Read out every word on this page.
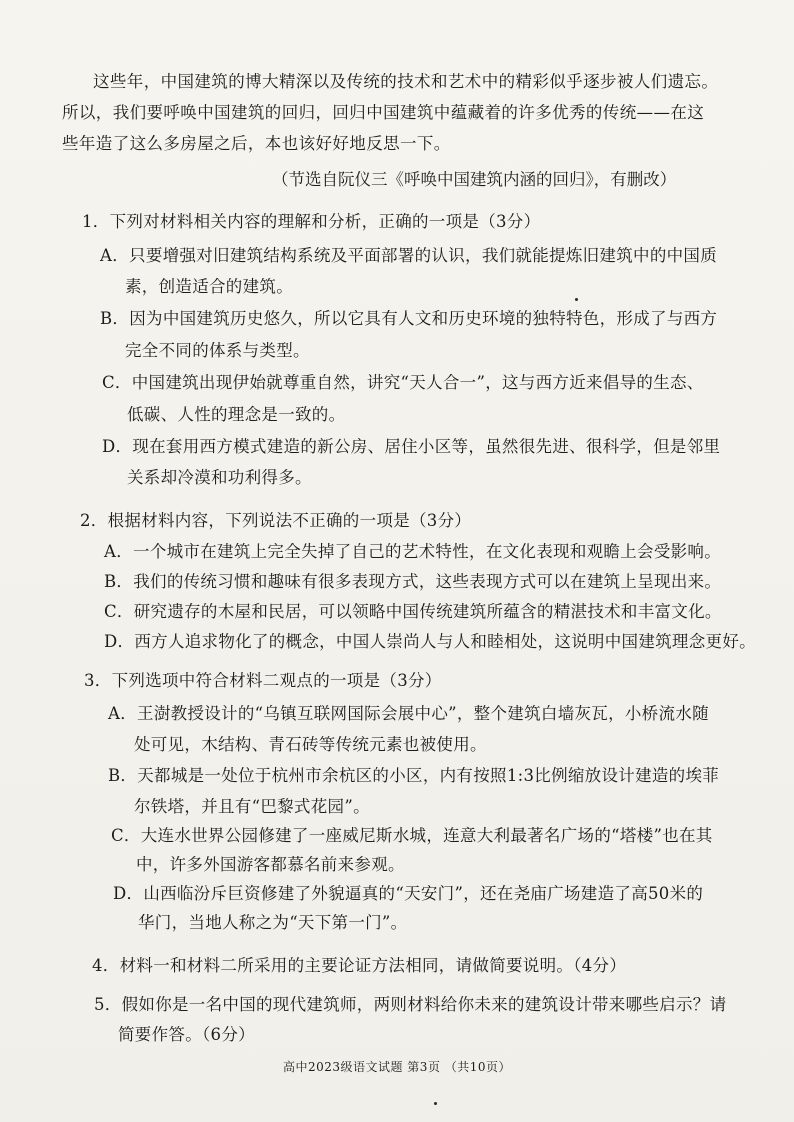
这些年，中国建筑的博大精深以及传统的技术和艺术中的精彩似乎逐步被人们遗忘。
所以，我们要呼唤中国建筑的回归，回归中国建筑中蕴藏着的许多优秀的传统——在这
些年造了这么多房屋之后，本也该好好地反思一下。
（节选自阮仪三《呼唤中国建筑内涵的回归》，有删改）
1．下列对材料相关内容的理解和分析，正确的一项是（3分）
A．只要增强对旧建筑结构系统及平面部署的认识，我们就能提炼旧建筑中的中国质
素，创造适合的建筑。
B．因为中国建筑历史悠久，所以它具有人文和历史环境的独特特色，形成了与西方
完全不同的体系与类型。
C．中国建筑出现伊始就尊重自然，讲究“天人合一”，这与西方近来倡导的生态、
低碳、人性的理念是一致的。
D．现在套用西方模式建造的新公房、居住小区等，虽然很先进、很科学，但是邻里
关系却冷漠和功利得多。
2．根据材料内容，下列说法不正确的一项是（3分）
A．一个城市在建筑上完全失掉了自己的艺术特性，在文化表现和观瞻上会受影响。
B．我们的传统习惯和趣味有很多表现方式，这些表现方式可以在建筑上呈现出来。
C．研究遗存的木屋和民居，可以领略中国传统建筑所蕴含的精湛技术和丰富文化。
D．西方人追求物化了的概念，中国人崇尚人与人和睦相处，这说明中国建筑理念更好。
3．下列选项中符合材料二观点的一项是（3分）
A．王澍教授设计的“乌镇互联网国际会展中心”，整个建筑白墙灰瓦，小桥流水随
处可见，木结构、青石砖等传统元素也被使用。
B．天都城是一处位于杭州市余杭区的小区，内有按照1:3比例缩放设计建造的埃菲
尔铁塔，并且有“巴黎式花园”。
C．大连水世界公园修建了一座威尼斯水城，连意大利最著名广场的“塔楼”也在其
中，许多外国游客都慕名前来参观。
D．山西临汾斥巨资修建了外貌逼真的“天安门”，还在尧庙广场建造了高50米的
华门，当地人称之为“天下第一门”。
4．材料一和材料二所采用的主要论证方法相同，请做简要说明。（4分）
5．假如你是一名中国的现代建筑师，两则材料给你未来的建筑设计带来哪些启示？请
简要作答。（6分）
高中2023级语文试题 第3页 （共10页）
